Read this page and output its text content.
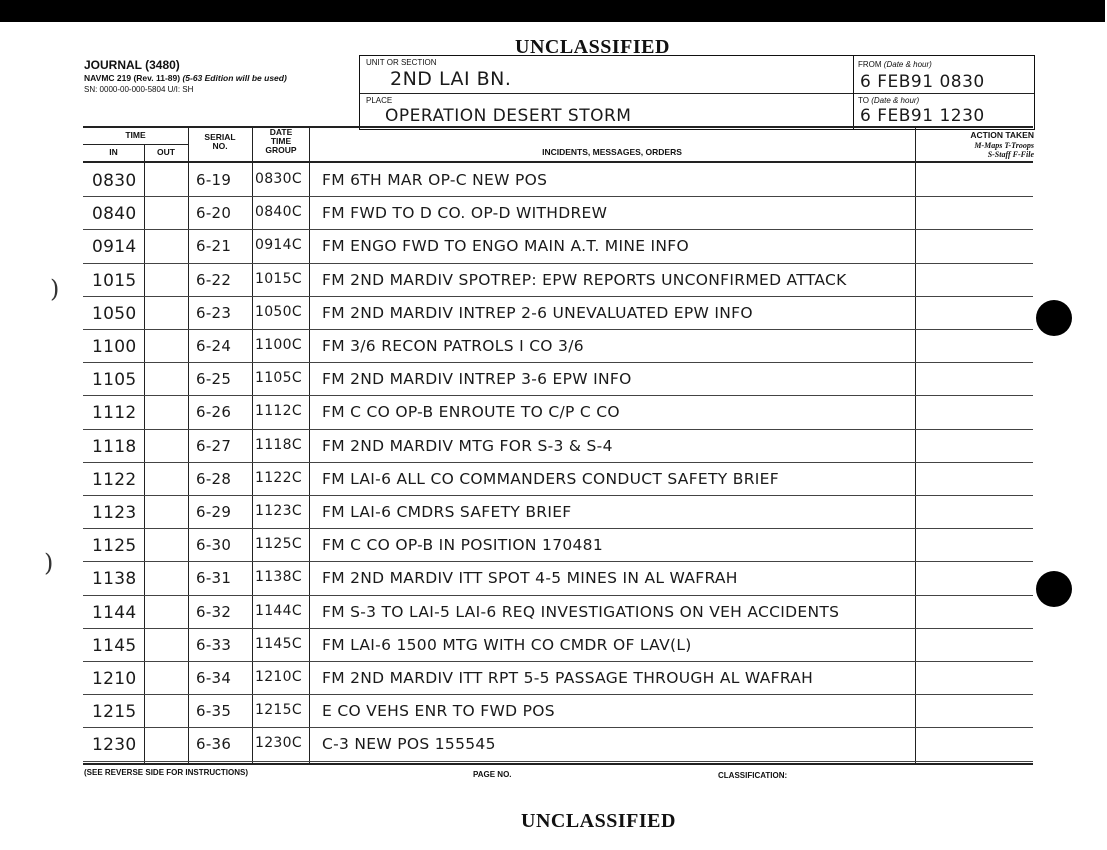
UNCLASSIFIED
JOURNAL (3480)
NAVMC 219 (Rev. 11-89) (5-63 Edition will be used)
SN: 0000-00-000-5804 U/I: SH
UNIT OR SECTION
2ND LAI BN.
PLACE
OPERATION DESERT STORM
FROM (Date & hour)
6 FEB91 0830
TO (Date & hour)
6 FEB91 1230
TIME
IN	OUT
SERIAL NO.
DATE TIME GROUP	INCIDENTS, MESSAGES, ORDERS
ACTION TAKEN
M-Maps T-Troops
S-Staff F-File
0830	6-19 0830C FM 6TH MAR OP-C NEW POS
0840	6-20 0840C FM FWD TO D CO. OP-D WITHDREW
0914	6-21 0914C FM ENGO FWD TO ENGO MAIN A.T. MINE INFO
1015	6-22 1015C FM 2ND MARDIV SPOTREP: EPW REPORTS UNCONFIRMED ATTACK
1050	6-23 1050C FM 2ND MARDIV INTREP 2-6 UNEVALUATED EPW INFO
1100	6-24 1100C FM 3/6 RECON PATROLS I CO 3/6
1105	6-25 1105C FM 2ND MARDIV INTREP 3-6 EPW INFO
1112	6-26 1112C FM C CO OP-B ENROUTE TO C/P C CO
1118	6-27 1118C FM 2ND MARDIV MTG FOR S-3 & S-4
1122	6-28 1122C FM LAI-6 ALL CO COMMANDERS CONDUCT SAFETY BRIEF
1123	6-29 1123C FM LAI-6 CMDRS SAFETY BRIEF
1125	6-30 1125C FM C CO OP-B IN POSITION 170481
1138	6-31 1138C FM 2ND MARDIV ITT SPOT 4-5 MINES IN AL WAFRAH
1144	6-32 1144C FM S-3 TO LAI-5 LAI-6 REQ INVESTIGATIONS ON VEH ACCIDENTS
1145	6-33 1145C FM LAI-6 1500 MTG WITH CO CMDR OF LAV(L)
1210	6-34 1210C FM 2ND MARDIV ITT RPT 5-5 PASSAGE THROUGH AL WAFRAH
1215	6-35 1215C E CO VEHS ENR TO FWD POS
1230	6-36 1230C C-3 NEW POS 155545
(SEE REVERSE SIDE FOR INSTRUCTIONS)	PAGE NO.	CLASSIFICATION:
UNCLASSIFIED
)
)
